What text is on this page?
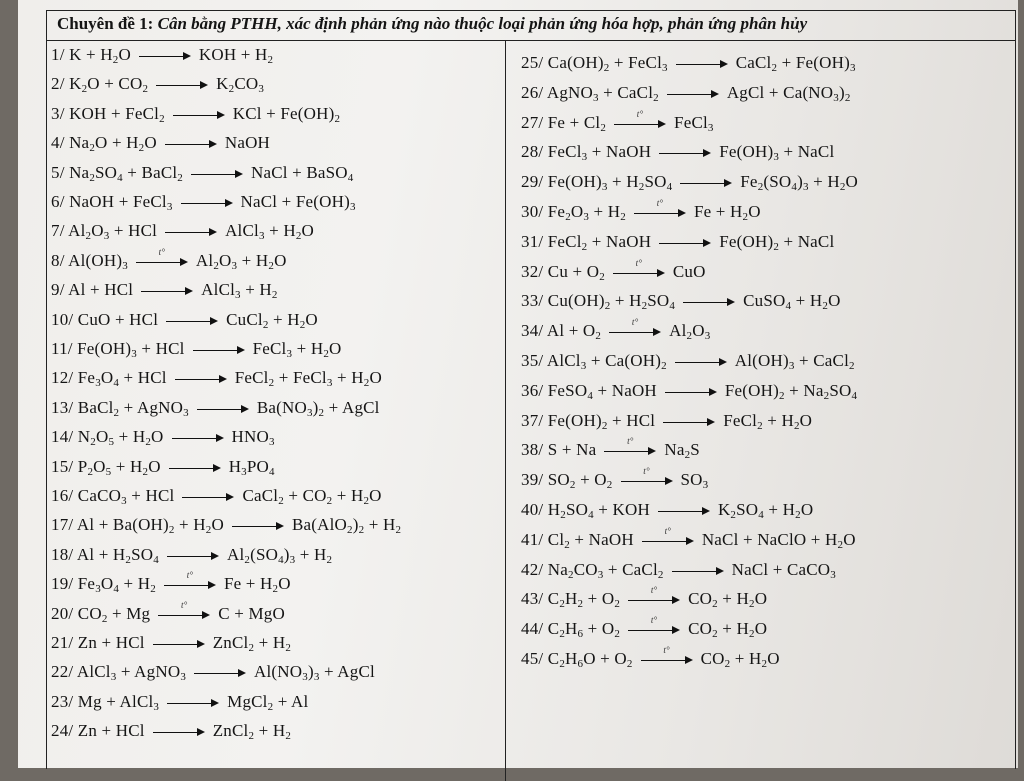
Chuyên đề 1: Cân bằng PTHH, xác định phản ứng nào thuộc loại phản ứng hóa hợp, phản ứng phân hủy
1/ $K + H_2O$	KOH + $H_2$
2/ $K_2O + CO_2$	$K_2CO_3$
3/ KOH + FeCl$_2$	KCl + $Fe(OH)_2$
4/ $Na_2O + H_2O$	NaOH
5/ $Na_2SO_4$ + BaCl$_2$	NaCl + BaSO$_4$
6/ NaOH + FeCl$_3$	NaCl + $Fe(OH)_3$
7/ $Al_2O_3$ + HCl	AlCl$_3$ + $H_2O$
8/ $Al(OH)_3$
t°	$Al_2O_3 + H_2O$
9/ Al + HCl	AlCl$_3$ + $H_2$
10/ CuO + HCl	CuCl$_2$ + $H_2O$
11/ $Fe(OH)_3$ + HCl	FeCl$_3$ + $H_2O$
12/ $Fe_3O_4$ + HCl	FeCl$_2$ + FeCl$_3$ + $H_2O$
13/ BaCl$_2$ + AgNO$_3$	$Ba(NO_3)_2$ + AgCl
14/ $N_2O_5 + H_2O$	$HNO_3$
15/ $P_2O_5 + H_2O$	$H_3PO_4$
16/ CaCO$_3$ + HCl	CaCl$_2$ + $CO_2 + H_2O$
17/ $Al + Ba(OH)_2 + H_2O$	$Ba(AlO_2)_2 + H_2$
18/ $Al + H_2SO_4$	$Al_2(SO_4)_3 + H_2$
19/ $Fe_3O_4 + H_2$
t°	$Fe + H_2O$
20/ $CO_2 + Mg$	t°	C + MgO
21/ Zn + HCl	ZnCl$_2$ + $H_2$
22/ AlCl$_3$ + AgNO$_3$	$Al(NO_3)_3$ + AgCl
23/ Mg + AlCl$_3$	MgCl$_2$ + Al
24/ Zn + HCl	ZnCl$_2$ + $H_2$
25/ $Ca(OH)_2$ + FeCl$_3$	CaCl$_2$ + $Fe(OH)_3$
26/ AgNO$_3$ + CaCl$_2$	AgCl + $Ca(NO_3)_2$
27/ $Fe + Cl_2$
t°	FeCl$_3$
28/ FeCl$_3$ + NaOH	$Fe(OH)_3$ + NaCl
29/ $Fe(OH)_3 + H_2SO_4$	$Fe_2(SO_4)_3 + H_2O$
30/ $Fe_2O_3 + H_2$
t°	$Fe + H_2O$
31/ FeCl$_2$ + NaOH	$Fe(OH)_2$ + NaCl
32/ $Cu + O_2$
t°	CuO
33/ $Cu(OH)_2 + H_2SO_4$	CuSO$_4$ + $H_2O$
34/ $Al + O_2$
t°	$Al_2O_3$
35/ AlCl$_3$ + $Ca(OH)_2$	$Al(OH)_3$ + CaCl$_2$
36/ FeSO$_4$ + NaOH	$Fe(OH)_2 + Na_2SO_4$
37/ $Fe(OH)_2$ + HCl	FeCl$_2$ + $H_2O$
38/ S + Na	t°	$Na_2S$
39/ $SO_2 + O_2$
t°	$SO_3$
40/ $H_2SO_4$ + KOH	$K_2SO_4 + H_2O$
41/ $Cl_2$ + NaOH	t°	NaCl + NaClO + $H_2O$
42/ $Na_2CO_3$ + CaCl$_2$	NaCl + CaCO$_3$
43/ $C_2H_2 + O_2$
t°	$CO_2 + H_2O$
44/ $C_2H_6 + O_2$
t°	$CO_2 + H_2O$
45/ $C_2H_6O + O_2$
t°	$CO_2 + H_2O$
